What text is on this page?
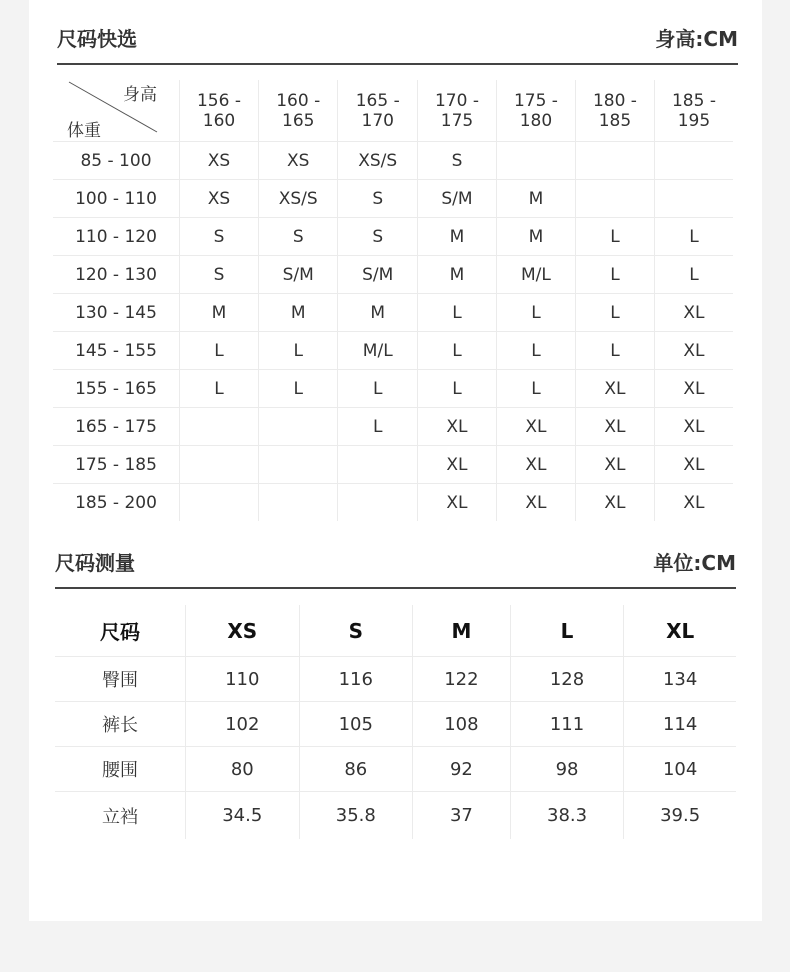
尺码快选	身高:CM
身高
体重	156 - 160	160 - 165	165 - 170	170 - 175	175 - 180	180 - 185	185 - 195
85 - 100	XS	XS	XS/S	S			
100 - 110	XS	XS/S	S	S/M	M		
110 - 120	S	S	S	M	M	L	L
120 - 130	S	S/M	S/M	M	M/L	L	L
130 - 145	M	M	M	L	L	L	XL
145 - 155	L	L	M/L	L	L	L	XL
155 - 165	L	L	L	L	L	XL	XL
165 - 175			L	XL	XL	XL	XL
175 - 185				XL	XL	XL	XL
185 - 200				XL	XL	XL	XL
尺码测量	单位:CM
尺码	XS	S	M	L	XL
臀围	110	116	122	128	134
裤长	102	105	108	111	114
腰围	80	86	92	98	104
立裆	34.5	35.8	37	38.3	39.5
